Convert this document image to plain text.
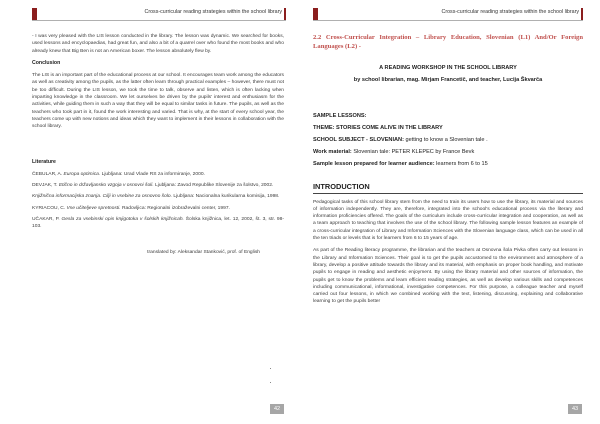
Cross-curricular reading strategies within the school library

- I was very pleased with the LIS lesson conducted in the library. The lesson was dynamic. We searched for books, used lessons and encyclopaedias, had great fun, and also a bit of a quarrel over who found the most books and who already knew that Big Ben is not an American boxer. The lesson absolutely flew by.

Conclusion

The LIS is an important part of the educational process at our school. It encourages team work among the educators as well as creativity among the pupils, as the latter often learn through practical examples – however, there must not be too difficult. During the LIS lesson, we took the time to talk, observe and listen, which is often lacking when imparting knowledge in the classroom. We let ourselves be driven by the pupils' interest and enthusiasm for the activities, while guiding them in such a way that they will be equal to similar tasks in future. The pupils, as well as the teachers who took part in it, found the work interesting and varied. That is why, at the start of every school year, the teachers come up with new notions and ideas which they want to implement in their lessons in collaboration with the school library.

Literature

ČEBULAR, A. Europa optimica. Ljubljana: Urad Vlade RS za informiranje, 2000.

DEVJAK, T. Etično in državljansko vzgoja v osnovni šoli. Ljubljana: Zavod Republike Slovenije za šolstvo, 2002.

Knjižnična informacijska znanja. Cilji in vsebine za osnovno šolo. Ljubljana: Nacionalna kurikularna komisija, 1998.

KYRIACOU, C. Vse učiteljeve spretnosti. Radovljica: Regionalni izobraževalni center, 1997.

UČAKAR, P. Gesla za vsebinski opis knjigotoka v šolskih knjižnicah. Šolska knjižnica, let. 12, 2002, št. 3, str. 98-103.

translated by: Aleksandar Stanković, prof. of English

42
Cross-curricular reading strategies within the school library

2.2 Cross-Curricular Integration – Library Education, Slovenian (L1) And/Or Foreign Languages (L2) -

A READING WORKSHOP IN THE SCHOOL LIBRARY

by school librarian, mag. Mirjam Francetič, and teacher, Lucija Škvarča

SAMPLE LESSONS:

THEME: STORIES COME ALIVE IN THE LIBRARY

SCHOOL SUBJECT - SLOVENIAN: getting to know a Slovenian tale .

Work material: Slovenian tale: PETER KLEPEC by France Bevk

Sample lesson prepared for learner audience: learners from 6 to 15

INTRODUCTION

Pedagogical tasks of this school library stem from the need to train its users how to use the library, its material and sources of information independently. They are, therefore, integrated into the school's educational process via the literary and information proficiencies offered. The goals of the curriculum include cross-curricular integration and cooperation, as well as a team approach to teaching that involves the use of the school library. The following sample lesson features an example of a cross-curricular integration of Library and Information Sciences with the Slovenian language class, which can be used in all the ten triads or levels that is for learners from 6 to 15 years of age.

As part of the Reading literacy programme, the librarian and the teachers at Osnovna šola Pivka often carry out lessons in the Library and Information Sciences. Their goal is to get the pupils accustomed to the environment and atmosphere of a library, develop a positive attitude towards the library and its material, with emphasis on proper book handling, and motivate pupils to engage in reading and aesthetic enjoyment. By using the library material and other sources of information, the pupils get to know the problems and learn efficient reading strategies, as well as develop various skills and competences including communicational, informational, investigative competences. For this purpose, a colleague teacher and myself carried out four lessons, in which we combined working with the text, listening, discussing, explaining and collaborative learning to get the pupils better

43
